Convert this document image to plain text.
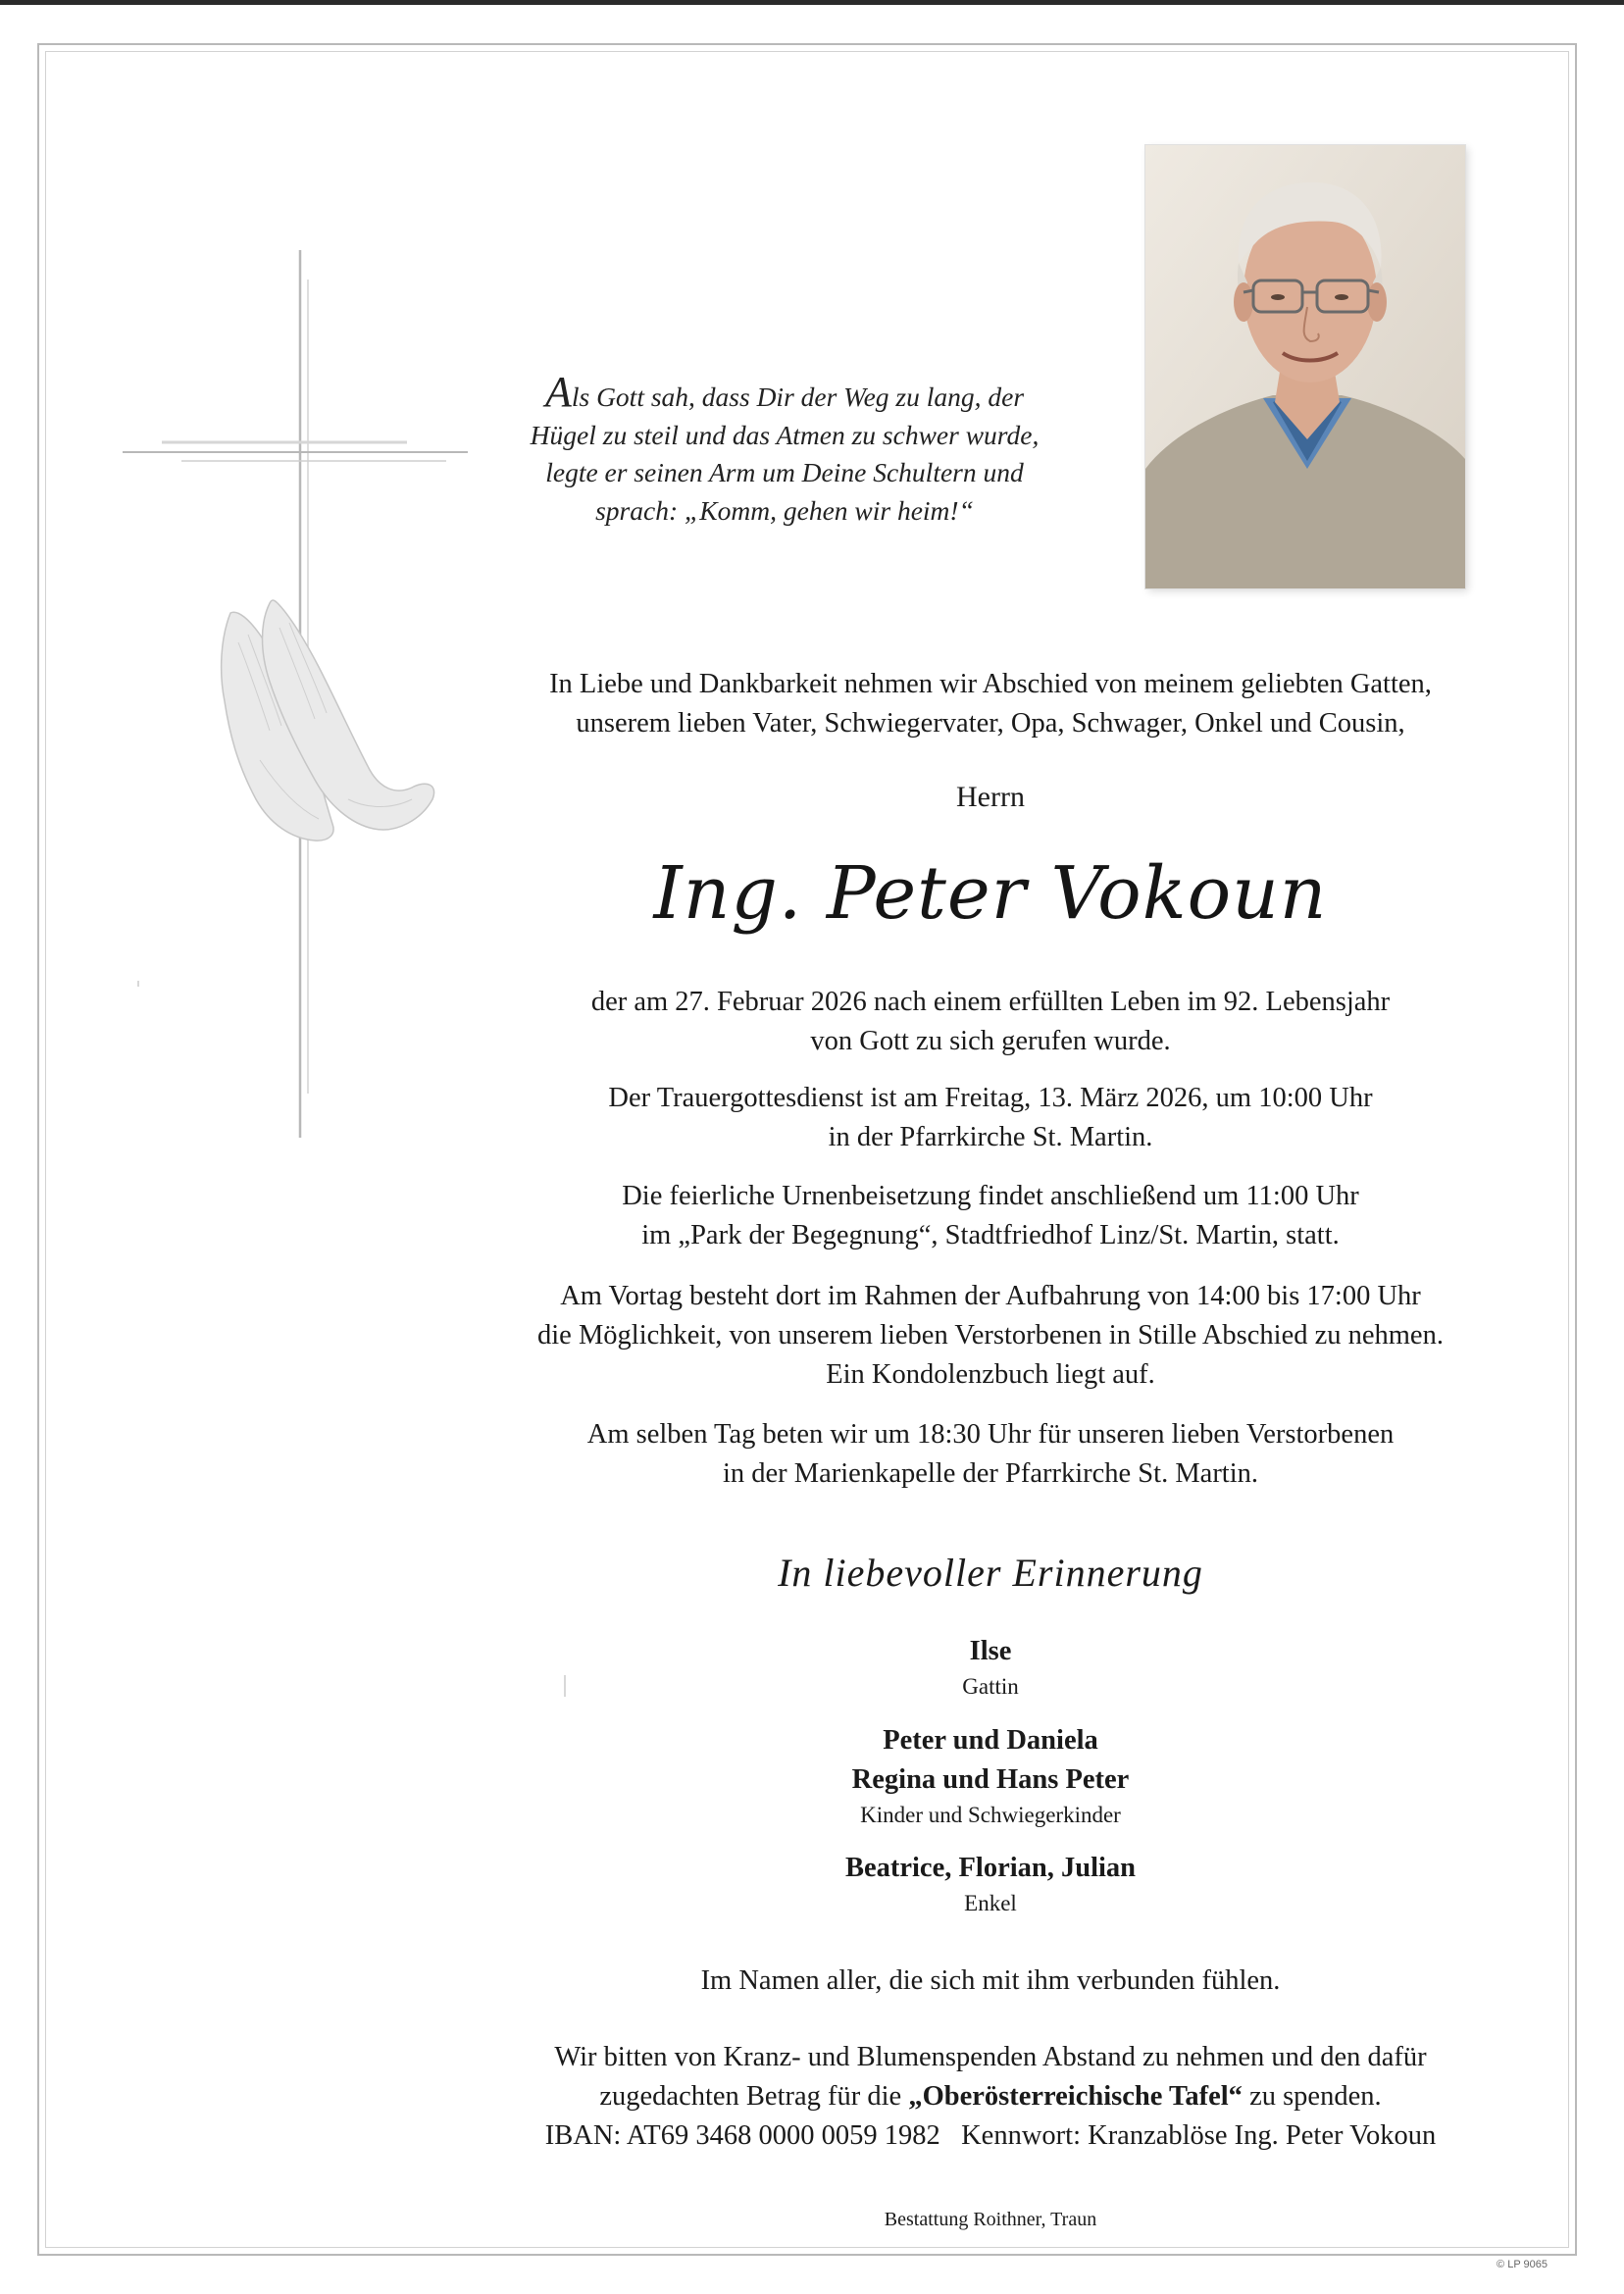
Als Gott sah, dass Dir der Weg zu lang, der
Hügel zu steil und das Atmen zu schwer wurde,
legte er seinen Arm um Deine Schultern und
sprach: „Komm, gehen wir heim!“
In Liebe und Dankbarkeit nehmen wir Abschied von meinem geliebten Gatten,
unserem lieben Vater, Schwiegervater, Opa, Schwager, Onkel und Cousin,
Herrn
Ing. Peter Vokoun
der am 27. Februar 2026 nach einem erfüllten Leben im 92. Lebensjahr
von Gott zu sich gerufen wurde.
Der Trauergottesdienst ist am Freitag, 13. März 2026, um 10:00 Uhr
in der Pfarrkirche St. Martin.
Die feierliche Urnenbeisetzung findet anschließend um 11:00 Uhr
im „Park der Begegnung“, Stadtfriedhof Linz/St. Martin, statt.
Am Vortag besteht dort im Rahmen der Aufbahrung von 14:00 bis 17:00 Uhr
die Möglichkeit, von unserem lieben Verstorbenen in Stille Abschied zu nehmen.
Ein Kondolenzbuch liegt auf.
Am selben Tag beten wir um 18:30 Uhr für unseren lieben Verstorbenen
in der Marienkapelle der Pfarrkirche St. Martin.
In liebevoller Erinnerung
Ilse
Gattin
Peter und Daniela
Regina und Hans Peter
Kinder und Schwiegerkinder
Beatrice, Florian, Julian
Enkel
Im Namen aller, die sich mit ihm verbunden fühlen.
Wir bitten von Kranz- und Blumenspenden Abstand zu nehmen und den dafür
zugedachten Betrag für die „Oberösterreichische Tafel“ zu spenden.
IBAN: AT69 3468 0000 0059 1982   Kennwort: Kranzablöse Ing. Peter Vokoun
Bestattung Roithner, Traun
© LP 9065
